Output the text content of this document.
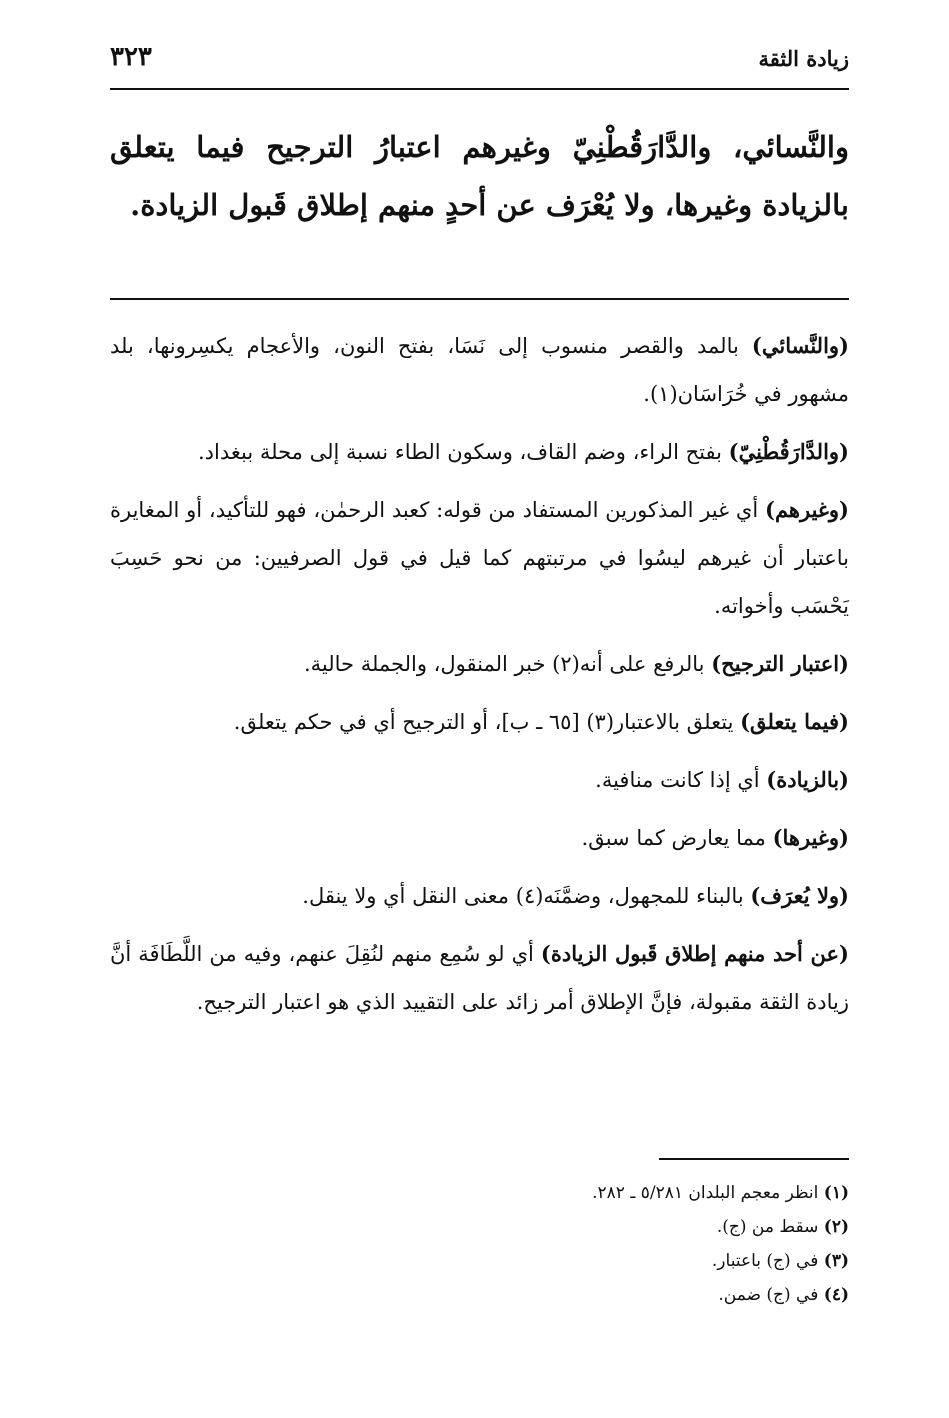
زيادة الثقة
٣٢٣

والنَّسائي، والدَّارَقُطْنِيّ وغيرهم اعتبارُ الترجيح فيما يتعلق بالزيادة وغيرها، ولا يُعْرَف عن أحدٍ منهم إطلاق قَبول الزيادة.

(والنَّسائي) بالمد والقصر منسوب إلى نَسَا، بفتح النون، والأعجام يكسِرونها، بلد مشهور في خُرَاسَان(١).

(والدَّارَقُطْنِيّ) بفتح الراء، وضم القاف، وسكون الطاء نسبة إلى محلة ببغداد.

(وغيرهم) أي غير المذكورين المستفاد من قوله: كعبد الرحمٰن، فهو للتأكيد، أو المغايرة باعتبار أن غيرهم ليسُوا في مرتبتهم كما قيل في قول الصرفيين: من نحو حَسِبَ يَحْسَب وأخواته.

(اعتبار الترجيح) بالرفع على أنه(٢) خبر المنقول، والجملة حالية.

(فيما يتعلق) يتعلق بالاعتبار(٣) [٦٥ ـ ب]، أو الترجيح أي في حكم يتعلق.

(بالزيادة) أي إذا كانت منافية.

(وغيرها) مما يعارض كما سبق.

(ولا يُعرَف) بالبناء للمجهول، وضمَّنَه(٤) معنى النقل أي ولا ينقل.

(عن أحد منهم إطلاق قَبول الزيادة) أي لو سُمِع منهم لنُقِلَ عنهم، وفيه من اللَّطَافَة أنَّ زيادة الثقة مقبولة، فإنَّ الإطلاق أمر زائد على التقييد الذي هو اعتبار الترجيح.

(١) انظر معجم البلدان ٥/٢٨١ ـ ٢٨٢.

(٢) سقط من (ج).

(٣) في (ج) باعتبار.

(٤) في (ج) ضمن.
